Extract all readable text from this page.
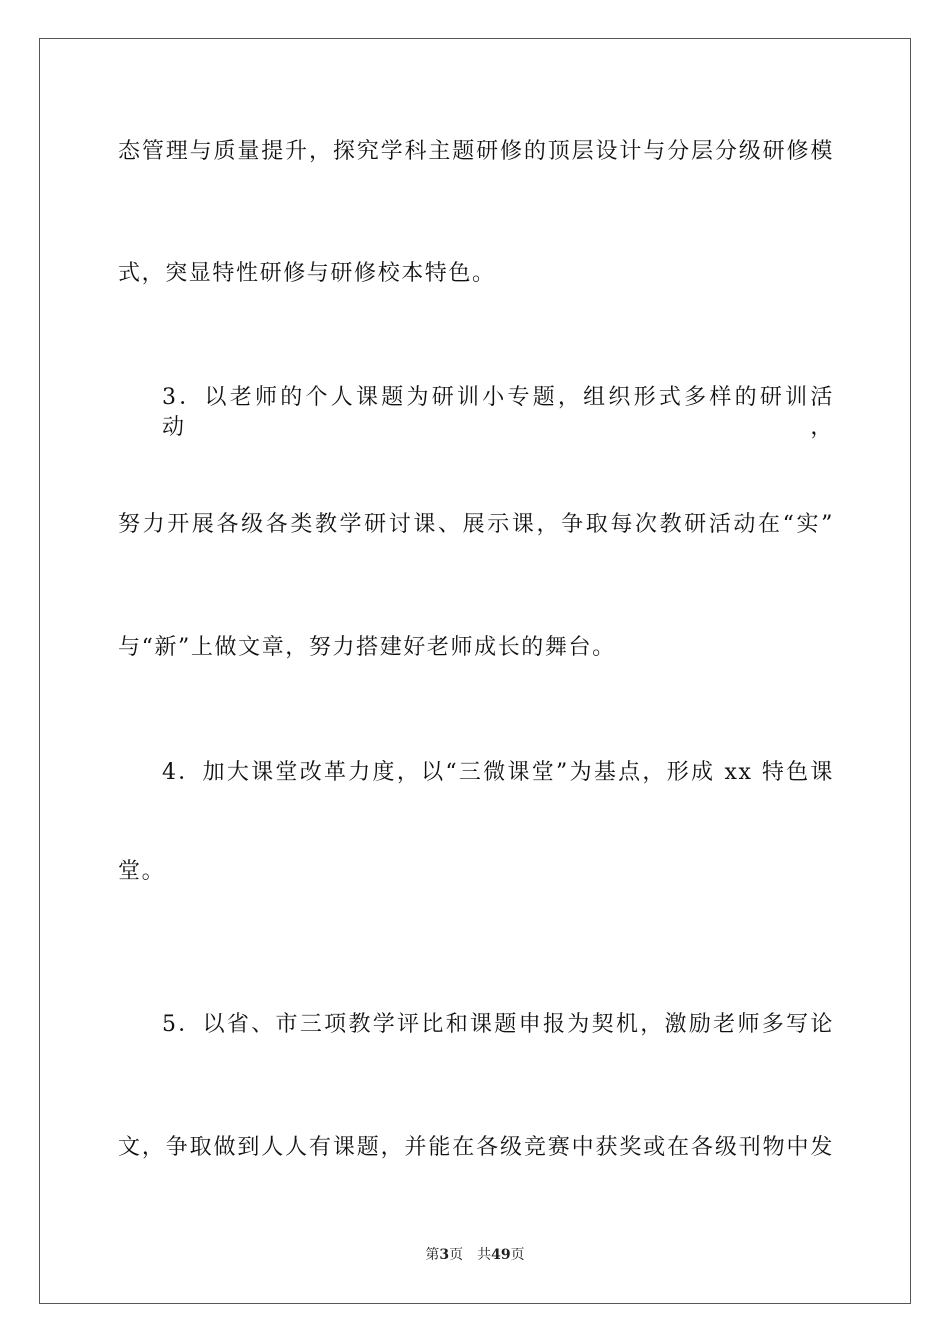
态管理与质量提升，探究学科主题研修的顶层设计与分层分级研修模
式，突显特性研修与研修校本特色。
3．以老师的个人课题为研训小专题，组织形式多样的研训活动，
努力开展各级各类教学研讨课、展示课，争取每次教研活动在“实”
与“新”上做文章，努力搭建好老师成长的舞台。
4．加大课堂改革力度，以“三微课堂”为基点，形成 xx 特色课
堂。
5．以省、市三项教学评比和课题申报为契机，激励老师多写论
文，争取做到人人有课题，并能在各级竞赛中获奖或在各级刊物中发
第3页 共49页
